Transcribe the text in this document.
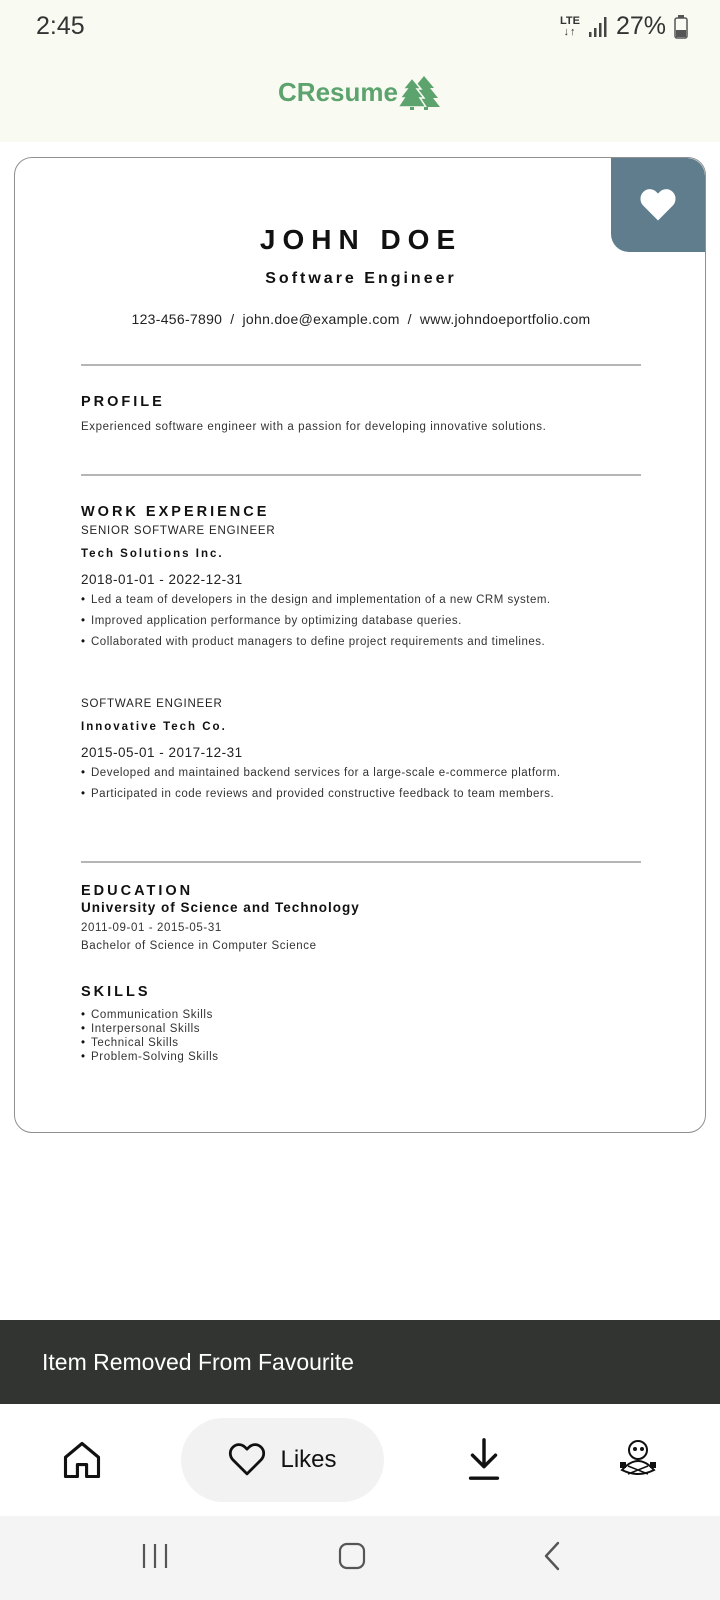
2:45	LTE
↓↑ 27%
CResume
JOHN DOE
Software Engineer
123-456-7890 / john.doe@example.com / www.johndoeportfolio.com
PROFILE
Experienced software engineer with a passion for developing innovative solutions.
WORK EXPERIENCE
SENIOR SOFTWARE ENGINEER
Tech Solutions Inc.
2018-01-01 - 2022-12-31
• Led a team of developers in the design and implementation of a new CRM system.
• Improved application performance by optimizing database queries.
• Collaborated with product managers to define project requirements and timelines.
SOFTWARE ENGINEER
Innovative Tech Co.
2015-05-01 - 2017-12-31
• Developed and maintained backend services for a large-scale e-commerce platform.
• Participated in code reviews and provided constructive feedback to team members.
EDUCATION
University of Science and Technology
2011-09-01 - 2015-05-31
Bachelor of Science in Computer Science
SKILLS
• Communication Skills
• Interpersonal Skills
• Technical Skills
• Problem-Solving Skills
Item Removed From Favourite
Likes
